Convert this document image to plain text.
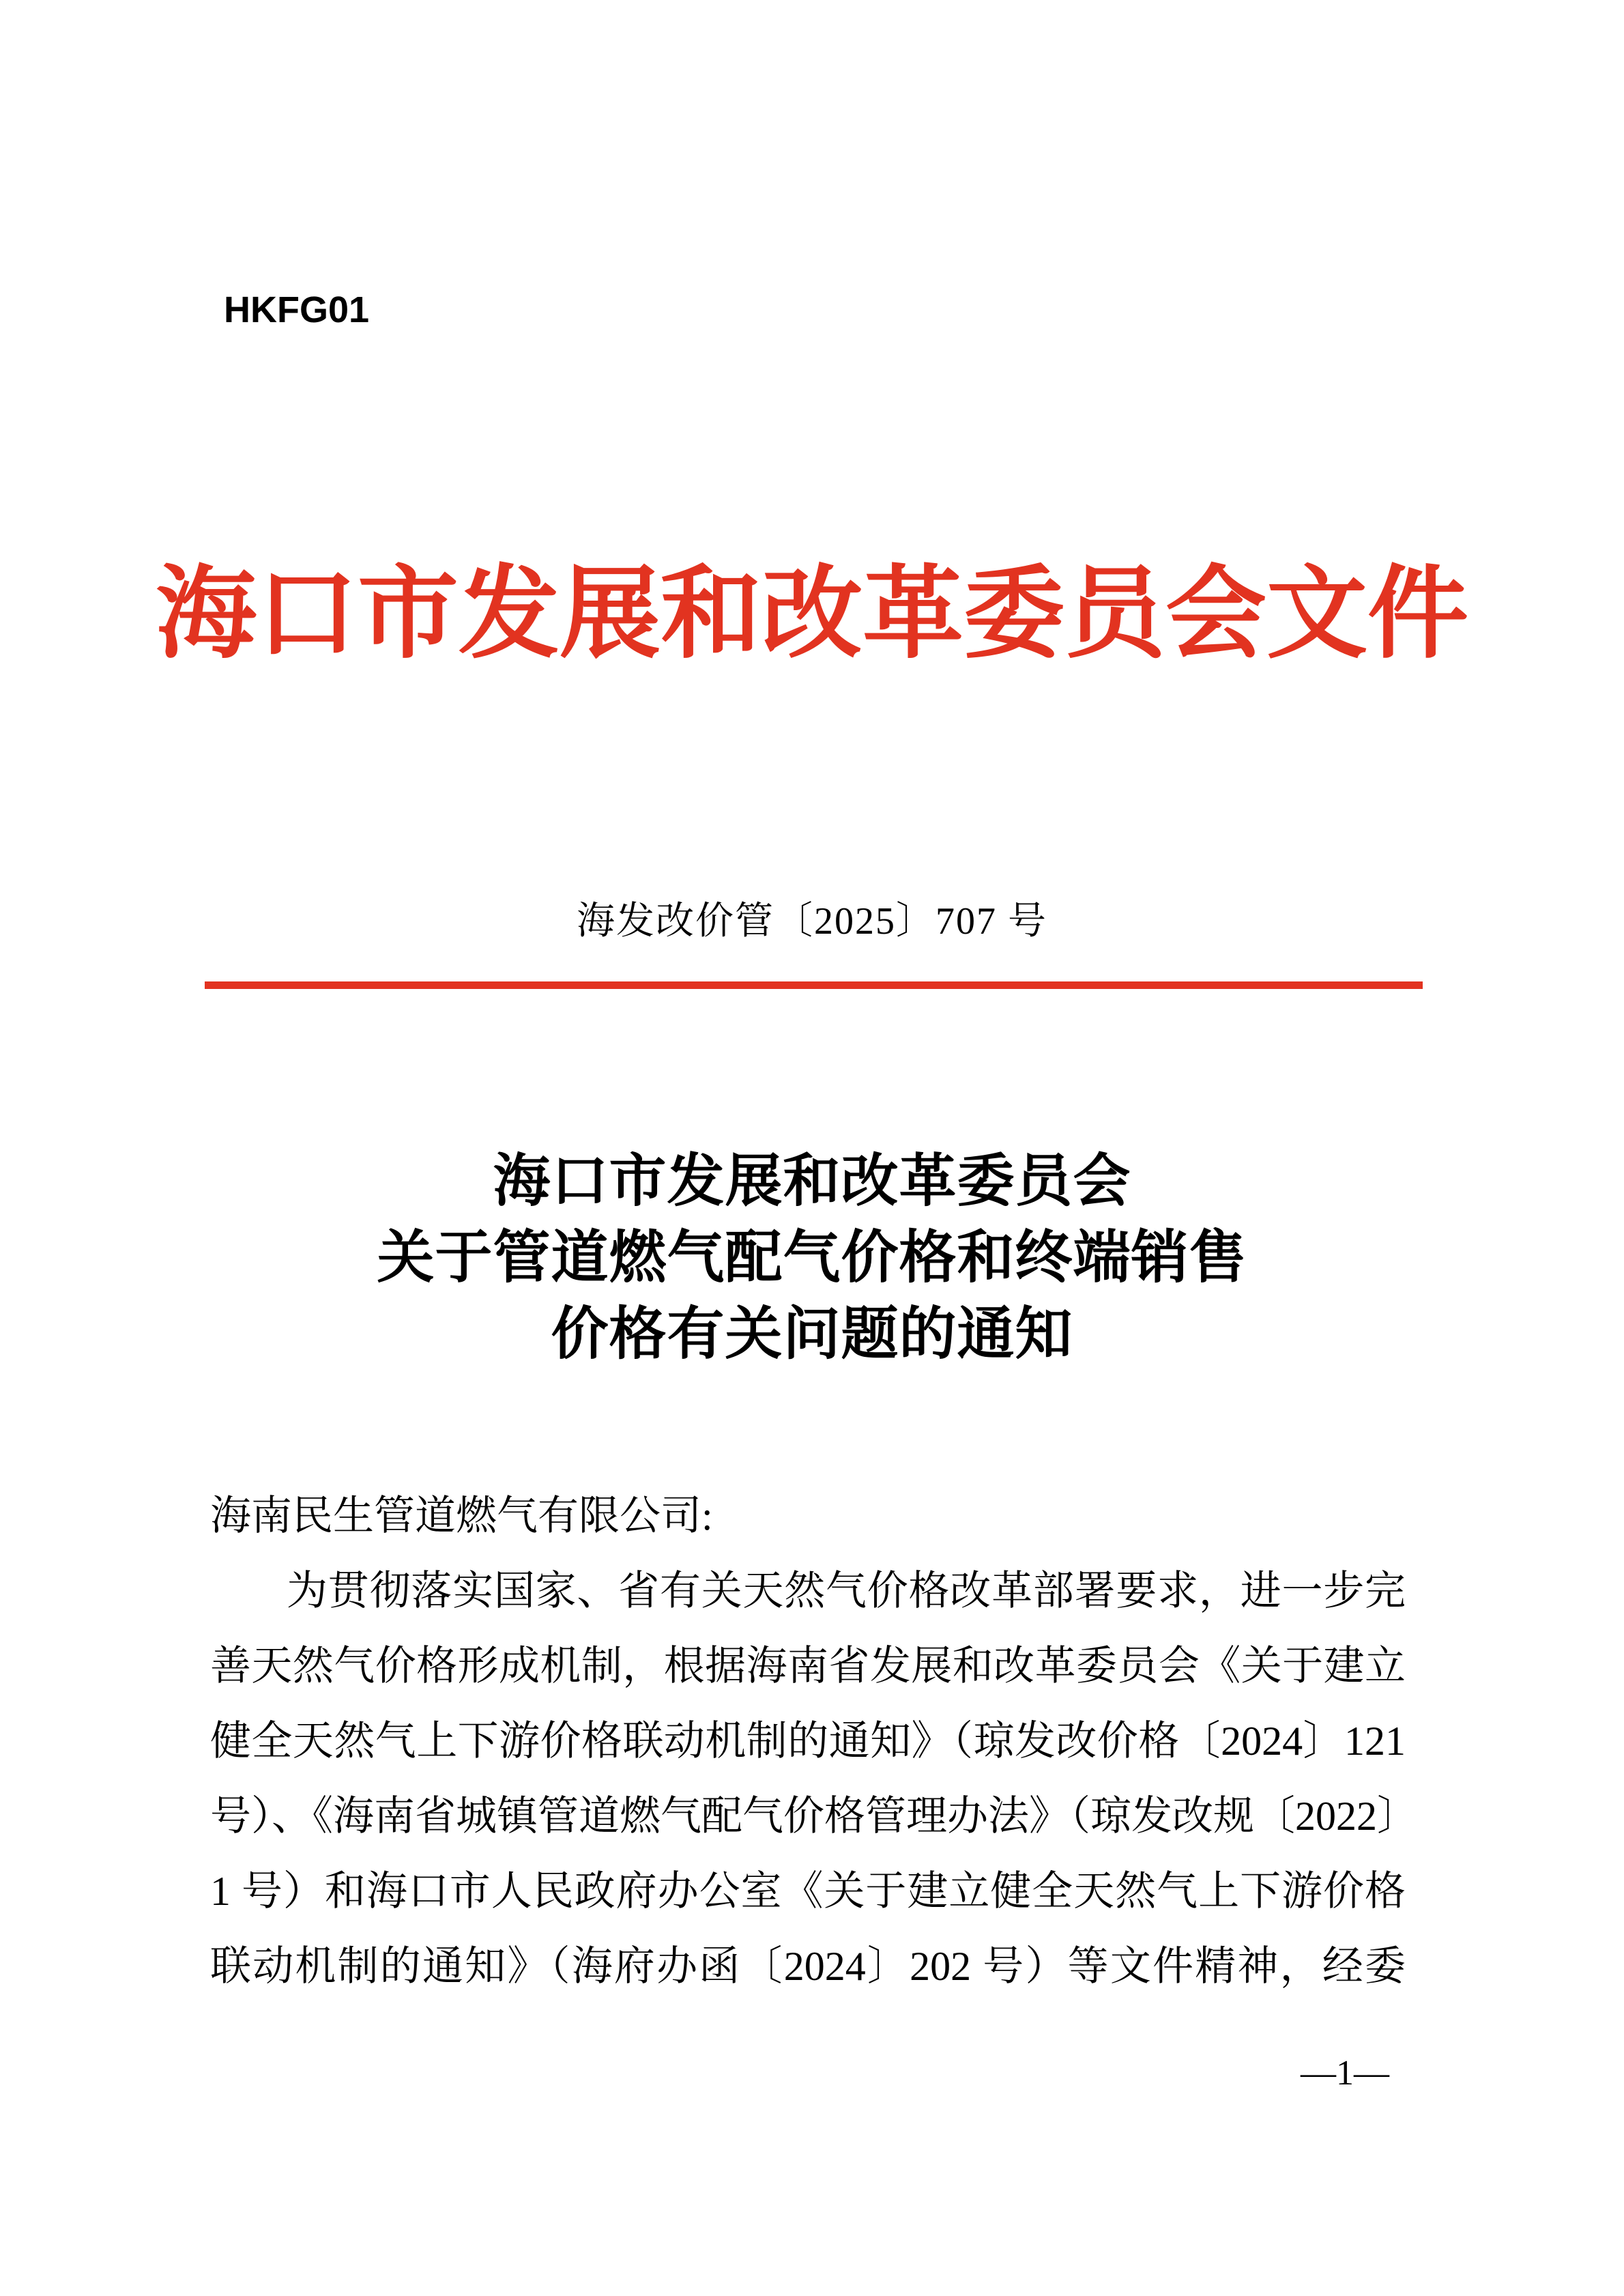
HKFG01
海口市发展和改革委员会文件
海发改价管〔2025〕707 号
海口市发展和改革委员会
关于管道燃气配气价格和终端销售
价格有关问题的通知
海南民生管道燃气有限公司:
为贯彻落实国家、省有关天然气价格改革部署要求，进一步完
善天然气价格形成机制，根据海南省发展和改革委员会《关于建立
健全天然气上下游价格联动机制的通知》（琼发改价格〔2024〕121
号）、《海南省城镇管道燃气配气价格管理办法》（琼发改规〔2022〕
1 号）和海口市人民政府办公室《关于建立健全天然气上下游价格
联动机制的通知》（海府办函〔2024〕202 号）等文件精神，经委
—1—
